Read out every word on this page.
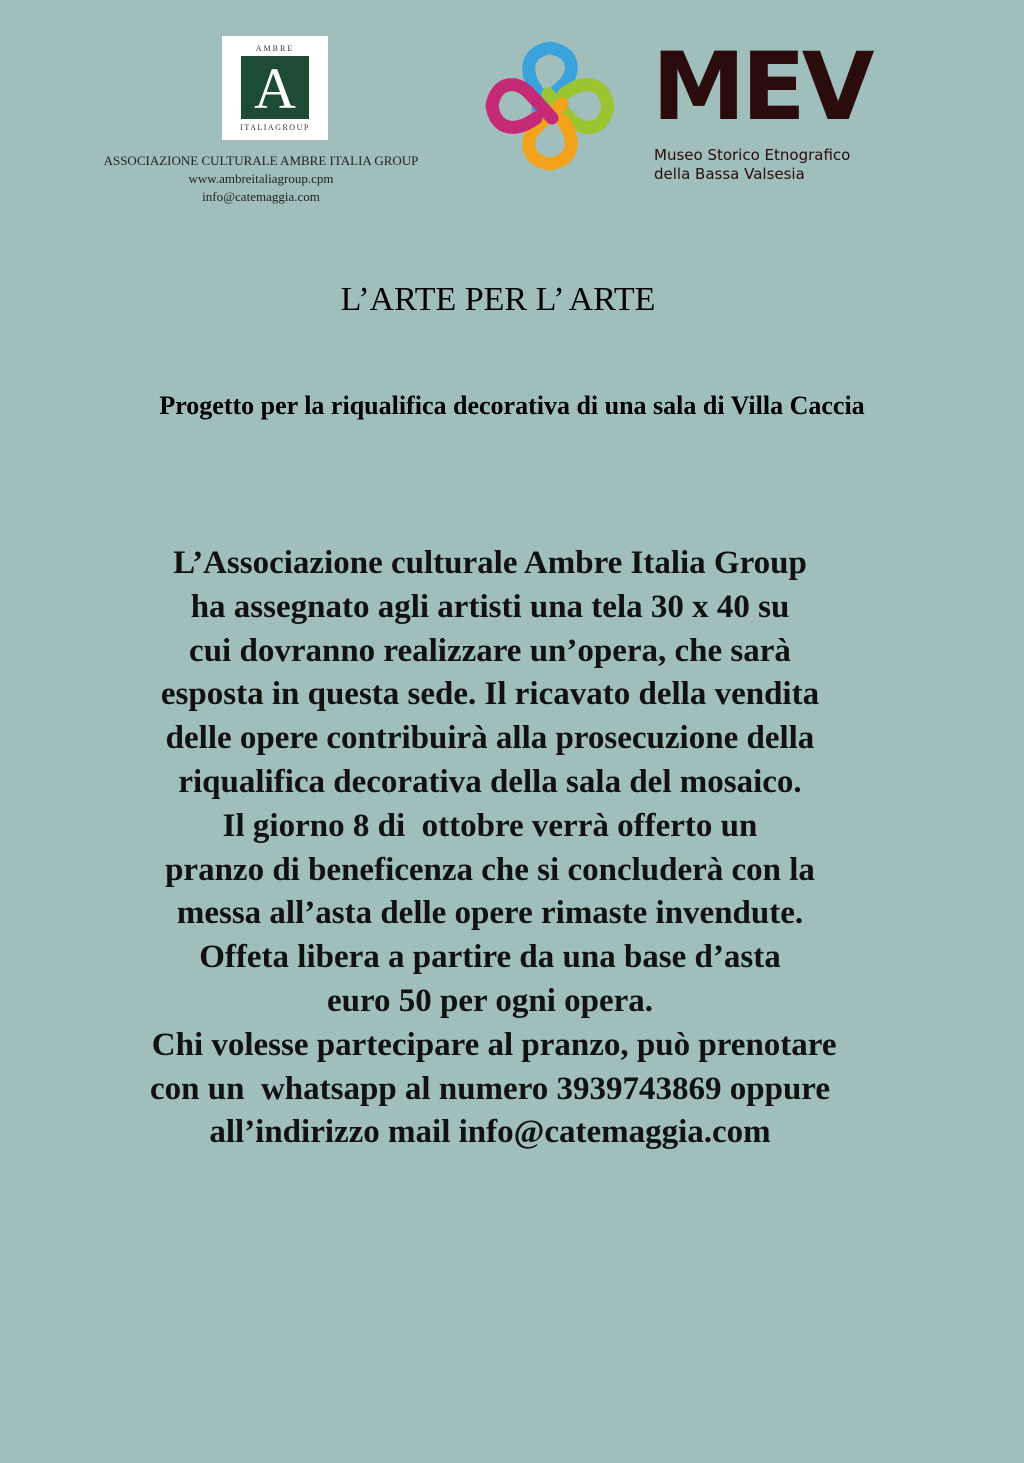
AMBRE
A
ITALIAGROUP
ASSOCIAZIONE CULTURALE AMBRE ITALIA GROUP
www.ambreitaliagroup.cpm
info@catemaggia.com
MEV
Museo Storico Etnografico
della Bassa Valsesia
L’ARTE PER L’ ARTE
Progetto per la riqualifica decorativa di una sala di Villa Caccia
L’Associazione culturale Ambre Italia Group
ha assegnato agli artisti una tela 30 x 40 su
cui dovranno realizzare un’opera, che sarà
esposta in questa sede. Il ricavato della vendita
delle opere contribuirà alla prosecuzione della
riqualifica decorativa della sala del mosaico.
Il giorno 8 di  ottobre verrà offerto un
pranzo di beneficenza che si concluderà con la
messa all’asta delle opere rimaste invendute.
Offeta libera a partire da una base d’asta
euro 50 per ogni opera.
Chi volesse partecipare al pranzo, può prenotare
con un  whatsapp al numero 3939743869 oppure
all’indirizzo mail info@catemaggia.com
